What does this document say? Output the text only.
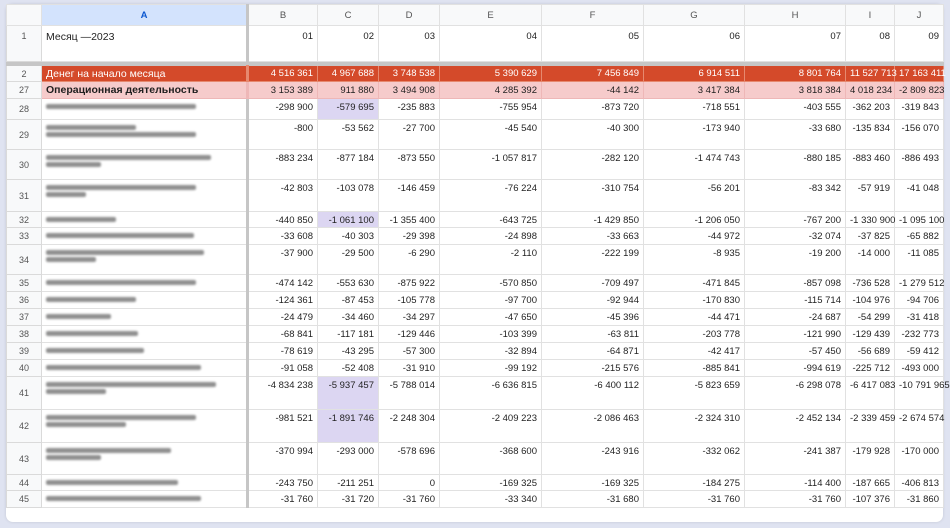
	A	B	C	D	E	F	G	H	I	J
1	Месяц —2023	01	02	03	04	05	06	07	08	09

2	Денег на начало месяца	4 516 361	4 967 688	3 748 538	5 390 629	7 456 849	6 914 511	8 801 764	11 527 713	17 163 411
27	Операционная деятельность	3 153 389	911 880	3 494 908	4 285 392	-44 142	3 417 384	3 818 384	4 018 234	-2 809 823
28		-298 900	-579 695	-235 883	-755 954	-873 720	-718 551	-403 555	-362 203	-319 843
29		-800	-53 562	-27 700	-45 540	-40 300	-173 940	-33 680	-135 834	-156 070
30		-883 234	-877 184	-873 550	-1 057 817	-282 120	-1 474 743	-880 185	-883 460	-886 493
31		-42 803	-103 078	-146 459	-76 224	-310 754	-56 201	-83 342	-57 919	-41 048
32		-440 850	-1 061 100	-1 355 400	-643 725	-1 429 850	-1 206 050	-767 200	-1 330 900	-1 095 100
33		-33 608	-40 303	-29 398	-24 898	-33 663	-44 972	-32 074	-37 825	-65 882
34		-37 900	-29 500	-6 290	-2 110	-222 199	-8 935	-19 200	-14 000	-11 085
35		-474 142	-553 630	-875 922	-570 850	-709 497	-471 845	-857 098	-736 528	-1 279 512
36		-124 361	-87 453	-105 778	-97 700	-92 944	-170 830	-115 714	-104 976	-94 706
37		-24 479	-34 460	-34 297	-47 650	-45 396	-44 471	-24 687	-54 299	-31 418
38		-68 841	-117 181	-129 446	-103 399	-63 811	-203 778	-121 990	-129 439	-232 773
39		-78 619	-43 295	-57 300	-32 894	-64 871	-42 417	-57 450	-56 689	-59 412
40		-91 058	-52 408	-31 910	-99 192	-215 576	-885 841	-994 619	-225 712	-493 000
41		-4 834 238	-5 937 457	-5 788 014	-6 636 815	-6 400 112	-5 823 659	-6 298 078	-6 417 083	-10 791 965
42		-981 521	-1 891 746	-2 248 304	-2 409 223	-2 086 463	-2 324 310	-2 452 134	-2 339 459	-2 674 574
43		-370 994	-293 000	-578 696	-368 600	-243 916	-332 062	-241 387	-179 928	-170 000
44		-243 750	-211 251	0	-169 325	-169 325	-184 275	-114 400	-187 665	-406 813
45		-31 760	-31 720	-31 760	-33 340	-31 680	-31 760	-31 760	-107 376	-31 860
